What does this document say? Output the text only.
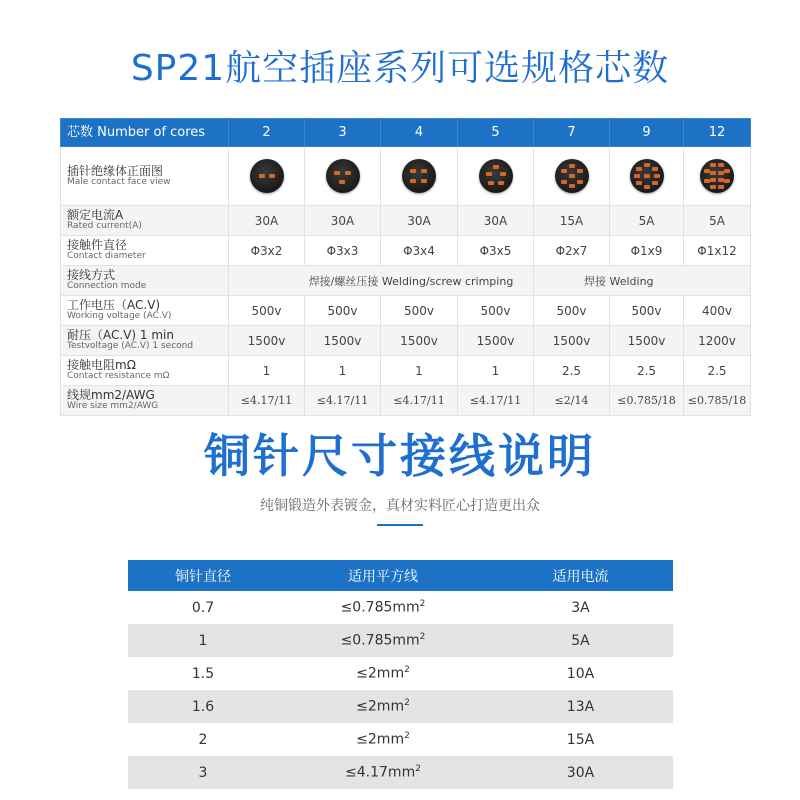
SP21航空插座系列可选规格芯数
芯数 Number of cores	2	3	4	5	7	9	12

插针绝缘体正面图
Male contact face view							

额定电流A
Rated current(A)	30A	30A	30A	30A	15A	5A	5A

接触件直径
Contact diameter	Φ3x2	Φ3x3	Φ3x4	Φ3x5	Φ2x7	Φ1x9	Φ1x12

接线方式
Connection mode	焊接/螺丝压接 Welding/screw crimping				焊接 Welding		

工作电压（AC.V)
Working voltage (AC.V)	500v	500v	500v	500v	500v	500v	400v

耐压（AC.V) 1 min
Testvoltage (AC.V) 1 second	1500v	1500v	1500v	1500v	1500v	1500v	1200v

接触电阻mΩ
Contact resistance mΩ	1	1	1	1	2.5	2.5	2.5

线规mm2/AWG
Wire size mm2/AWG	≤4.17/11	≤4.17/11	≤4.17/11	≤4.17/11	≤2/14	≤0.785/18	≤0.785/18
铜针尺寸接线说明
纯铜锻造外表镀金，真材实料匠心打造更出众
铜针直径	适用平方线	适用电流
0.7	$\le 0.785mm^2$	3A
1	$\le 0.785mm^2$	5A
1.5	$\le 2mm^2$	10A
1.6	$\le 2mm^2$	13A
2	$\le 2mm^2$	15A
3	$\le 4.17mm^2$	30A
